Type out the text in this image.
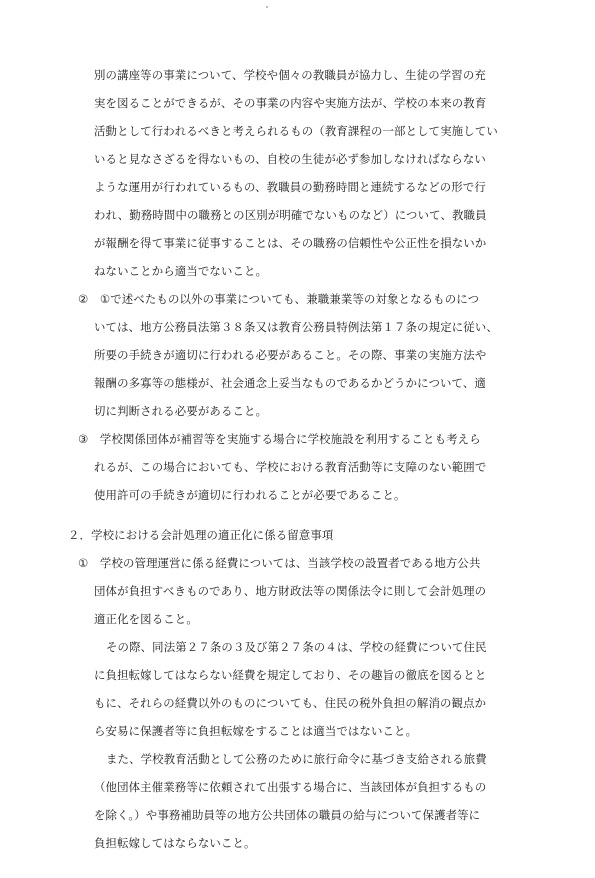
別の講座等の事業について、学校や個々の教職員が協力し、生徒の学習の充

実を図ることができるが、その事業の内容や実施方法が、学校の本来の教育

活動として行われるべきと考えられるもの（教育課程の一部として実施してい

いると見なさざるを得ないもの、自校の生徒が必ず参加しなければならない

ような運用が行われているもの、教職員の勤務時間と連続するなどの形で行

われ、勤務時間中の職務との区別が明確でないものなど）について、教職員

が報酬を得て事業に従事することは、その職務の信頼性や公正性を損ないか

ねないことから適当でないこと。

②　①で述べたもの以外の事業についても、兼職兼業等の対象となるものにつ

いては、地方公務員法第３８条又は教育公務員特例法第１７条の規定に従い、

所要の手続きが適切に行われる必要があること。その際、事業の実施方法や

報酬の多寡等の態様が、社会通念上妥当なものであるかどうかについて、適

切に判断される必要があること。

③　学校関係団体が補習等を実施する場合に学校施設を利用することも考えら

れるが、この場合においても、学校における教育活動等に支障のない範囲で

使用許可の手続きが適切に行われることが必要であること。

２．学校における会計処理の適正化に係る留意事項

①　学校の管理運営に係る経費については、当該学校の設置者である地方公共

団体が負担すべきものであり、地方財政法等の関係法令に則して会計処理の

適正化を図ること。

その際、同法第２７条の３及び第２７条の４は、学校の経費について住民

に負担転嫁してはならない経費を規定しており、その趣旨の徹底を図るとと

もに、それらの経費以外のものについても、住民の税外負担の解消の観点か

ら安易に保護者等に負担転嫁をすることは適当ではないこと。

また、学校教育活動として公務のために旅行命令に基づき支給される旅費

（他団体主催業務等に依頼されて出張する場合に、当該団体が負担するもの

を除く。）や事務補助員等の地方公共団体の職員の給与について保護者等に

負担転嫁してはならないこと。
